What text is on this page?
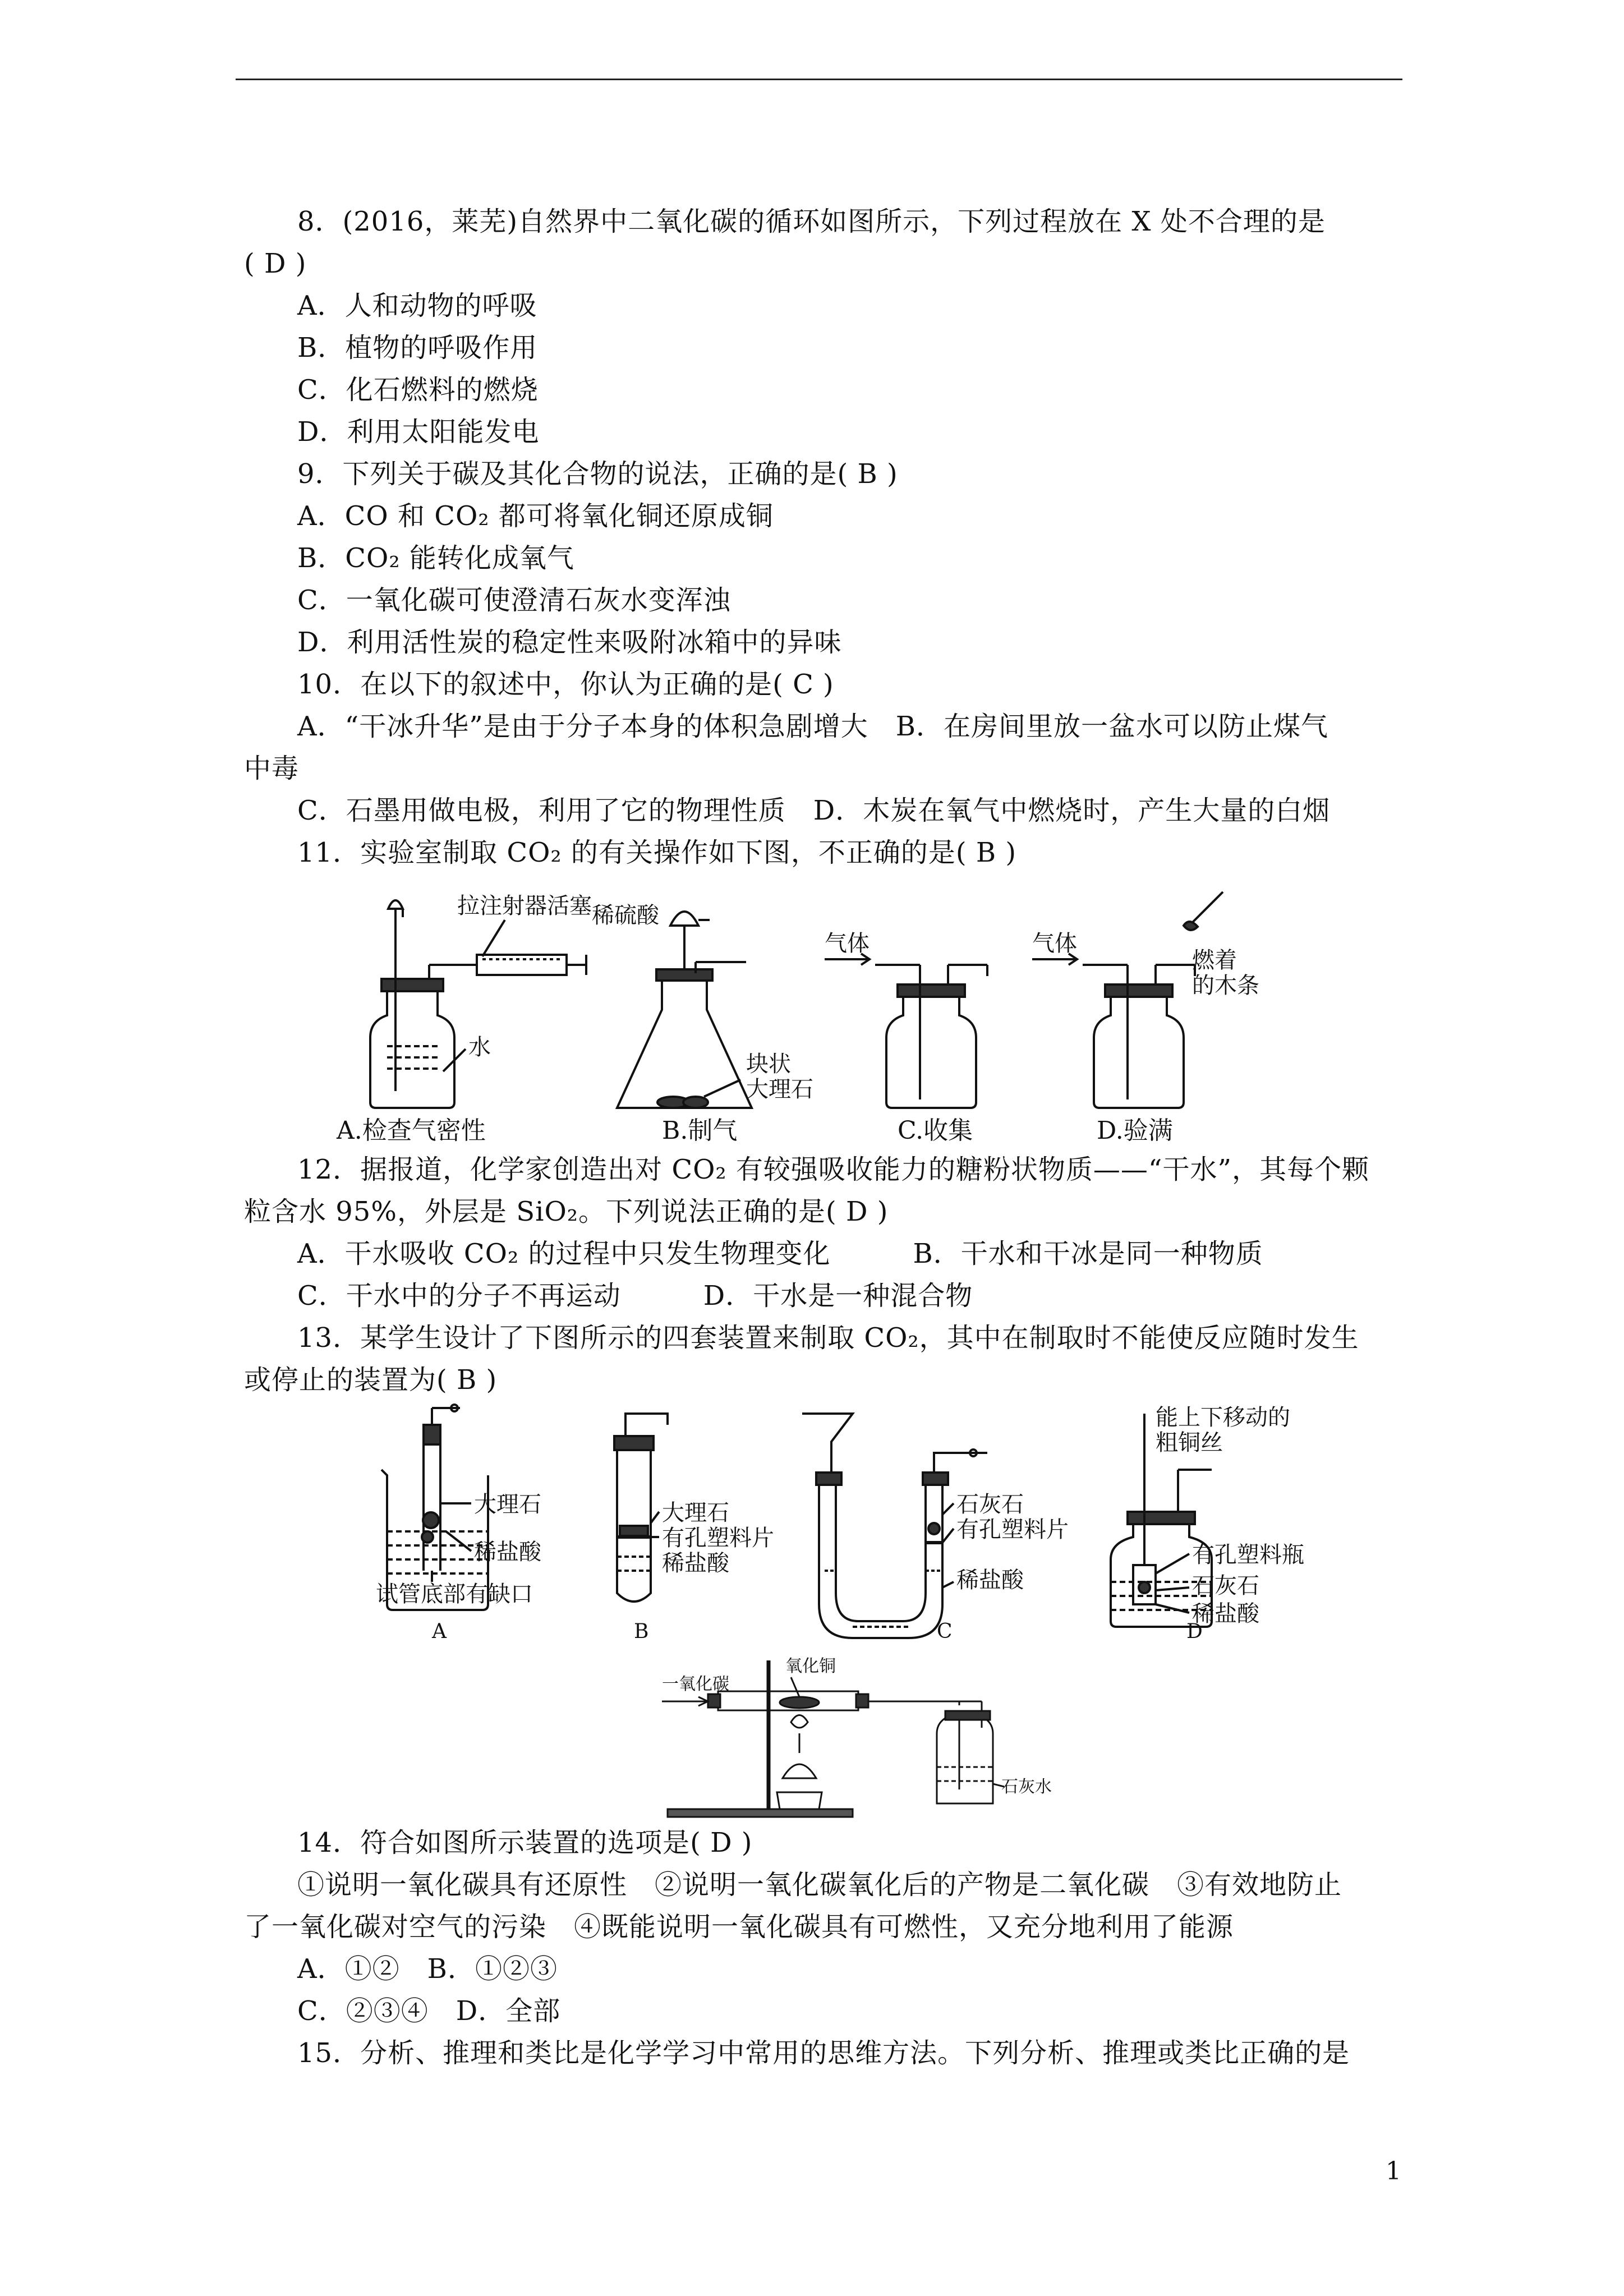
8．(2016，莱芜)自然界中二氧化碳的循环如图所示，下列过程放在 X 处不合理的是
( D )
A．人和动物的呼吸
B．植物的呼吸作用
C．化石燃料的燃烧
D．利用太阳能发电
9．下列关于碳及其化合物的说法，正确的是( B )
A．CO 和 CO₂ 都可将氧化铜还原成铜
B．CO₂ 能转化成氧气
C．一氧化碳可使澄清石灰水变浑浊
D．利用活性炭的稳定性来吸附冰箱中的异味
10．在以下的叙述中，你认为正确的是( C )
A．“干冰升华”是由于分子本身的体积急剧增大　B．在房间里放一盆水可以防止煤气
中毒
C．石墨用做电极，利用了它的物理性质　D．木炭在氧气中燃烧时，产生大量的白烟
11．实验室制取 CO₂ 的有关操作如下图，不正确的是( B )
拉注射器活塞
水
A.检查气密性
稀硫酸
块状
大理石
B.制气
气体
C.收集
气体
燃着
的木条
D.验满
12．据报道，化学家创造出对 CO₂ 有较强吸收能力的糖粉状物质——“干水”，其每个颗
粒含水 95%，外层是 SiO₂。下列说法正确的是( D )
A．干水吸收 CO₂ 的过程中只发生物理变化　　　B．干水和干冰是同一种物质
C．干水中的分子不再运动　　　D．干水是一种混合物
13．某学生设计了下图所示的四套装置来制取 CO₂，其中在制取时不能使反应随时发生
或停止的装置为( B )
大理石
稀盐酸
试管底部有缺口
A
大理石
有孔塑料片
稀盐酸
B
石灰石
有孔塑料片
稀盐酸
C
能上下移动的
粗铜丝
有孔塑料瓶
石灰石
稀盐酸
D
一氧化碳
氧化铜
石灰水
14．符合如图所示装置的选项是( D )
①说明一氧化碳具有还原性　②说明一氧化碳氧化后的产物是二氧化碳　③有效地防止
了一氧化碳对空气的污染　④既能说明一氧化碳具有可燃性，又充分地利用了能源
A．①②　B．①②③
C．②③④　D．全部
15．分析、推理和类比是化学学习中常用的思维方法。下列分析、推理或类比正确的是
1
